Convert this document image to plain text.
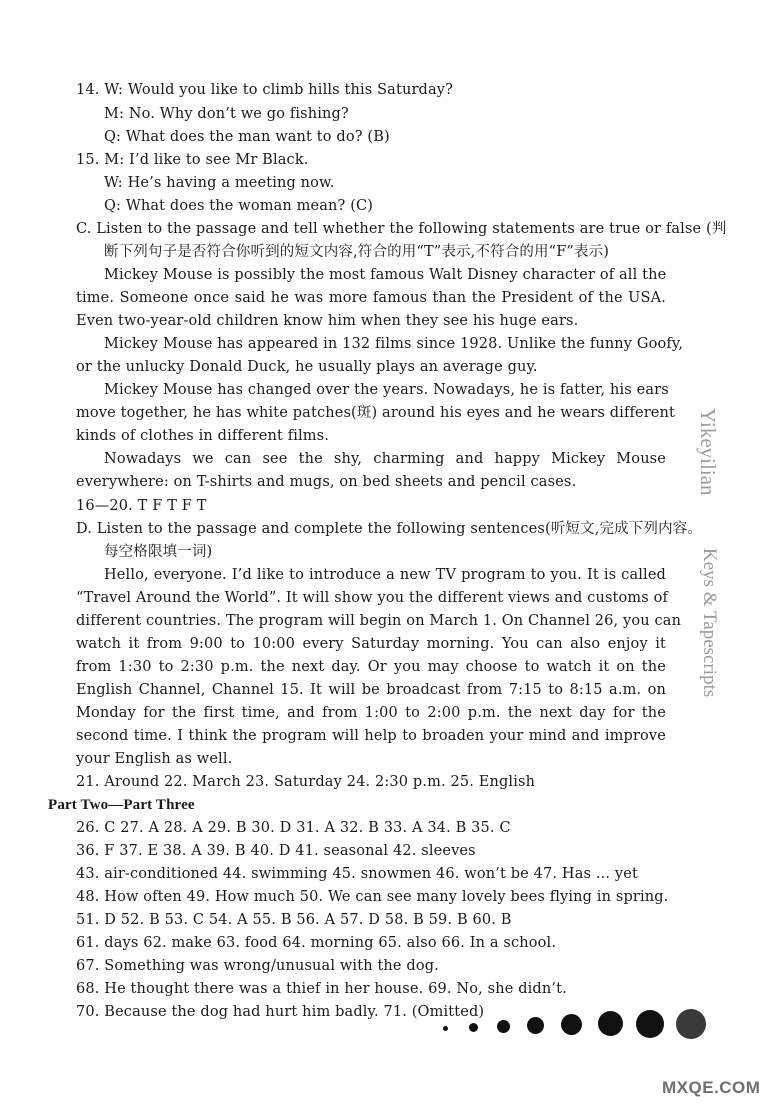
14. W: Would you like to climb hills this Saturday?
M: No. Why don’t we go fishing?
Q: What does the man want to do? (B)
15. M: I’d like to see Mr Black.
W: He’s having a meeting now.
Q: What does the woman mean? (C)
C. Listen to the passage and tell whether the following statements are true or false (判
断下列句子是否符合你听到的短文内容,符合的用“T”表示,不符合的用“F”表示)
Mickey Mouse is possibly the most famous Walt Disney character of all the
time. Someone once said he was more famous than the President of the USA.
Even two-year-old children know him when they see his huge ears.
Mickey Mouse has appeared in 132 films since 1928. Unlike the funny Goofy,
or the unlucky Donald Duck, he usually plays an average guy.
Mickey Mouse has changed over the years. Nowadays, he is fatter, his ears
move together, he has white patches(斑) around his eyes and he wears different
kinds of clothes in different films.
Nowadays we can see the shy, charming and happy Mickey Mouse
everywhere: on T-shirts and mugs, on bed sheets and pencil cases.
16—20. T F T F T
D. Listen to the passage and complete the following sentences(听短文,完成下列内容。
每空格限填一词)
Hello, everyone. I’d like to introduce a new TV program to you. It is called
“Travel Around the World”. It will show you the different views and customs of
different countries. The program will begin on March 1. On Channel 26, you can
watch it from 9:00 to 10:00 every Saturday morning. You can also enjoy it
from 1:30 to 2:30 p.m. the next day. Or you may choose to watch it on the
English Channel, Channel 15. It will be broadcast from 7:15 to 8:15 a.m. on
Monday for the first time, and from 1:00 to 2:00 p.m. the next day for the
second time. I think the program will help to broaden your mind and improve
your English as well.
21. Around 22. March 23. Saturday 24. 2:30 p.m. 25. English
Part Two—Part Three
26. C 27. A 28. A 29. B 30. D 31. A 32. B 33. A 34. B 35. C
36. F 37. E 38. A 39. B 40. D 41. seasonal 42. sleeves
43. air-conditioned 44. swimming 45. snowmen 46. won’t be 47. Has ... yet
48. How often 49. How much 50. We can see many lovely bees flying in spring.
51. D 52. B 53. C 54. A 55. B 56. A 57. D 58. B 59. B 60. B
61. days 62. make 63. food 64. morning 65. also 66. In a school.
67. Something was wrong/unusual with the dog.
68. He thought there was a thief in her house. 69. No, she didn’t.
70. Because the dog had hurt him badly. 71. (Omitted)
Yikeyilian
Keys & Tapescripts
MXQE.COM
